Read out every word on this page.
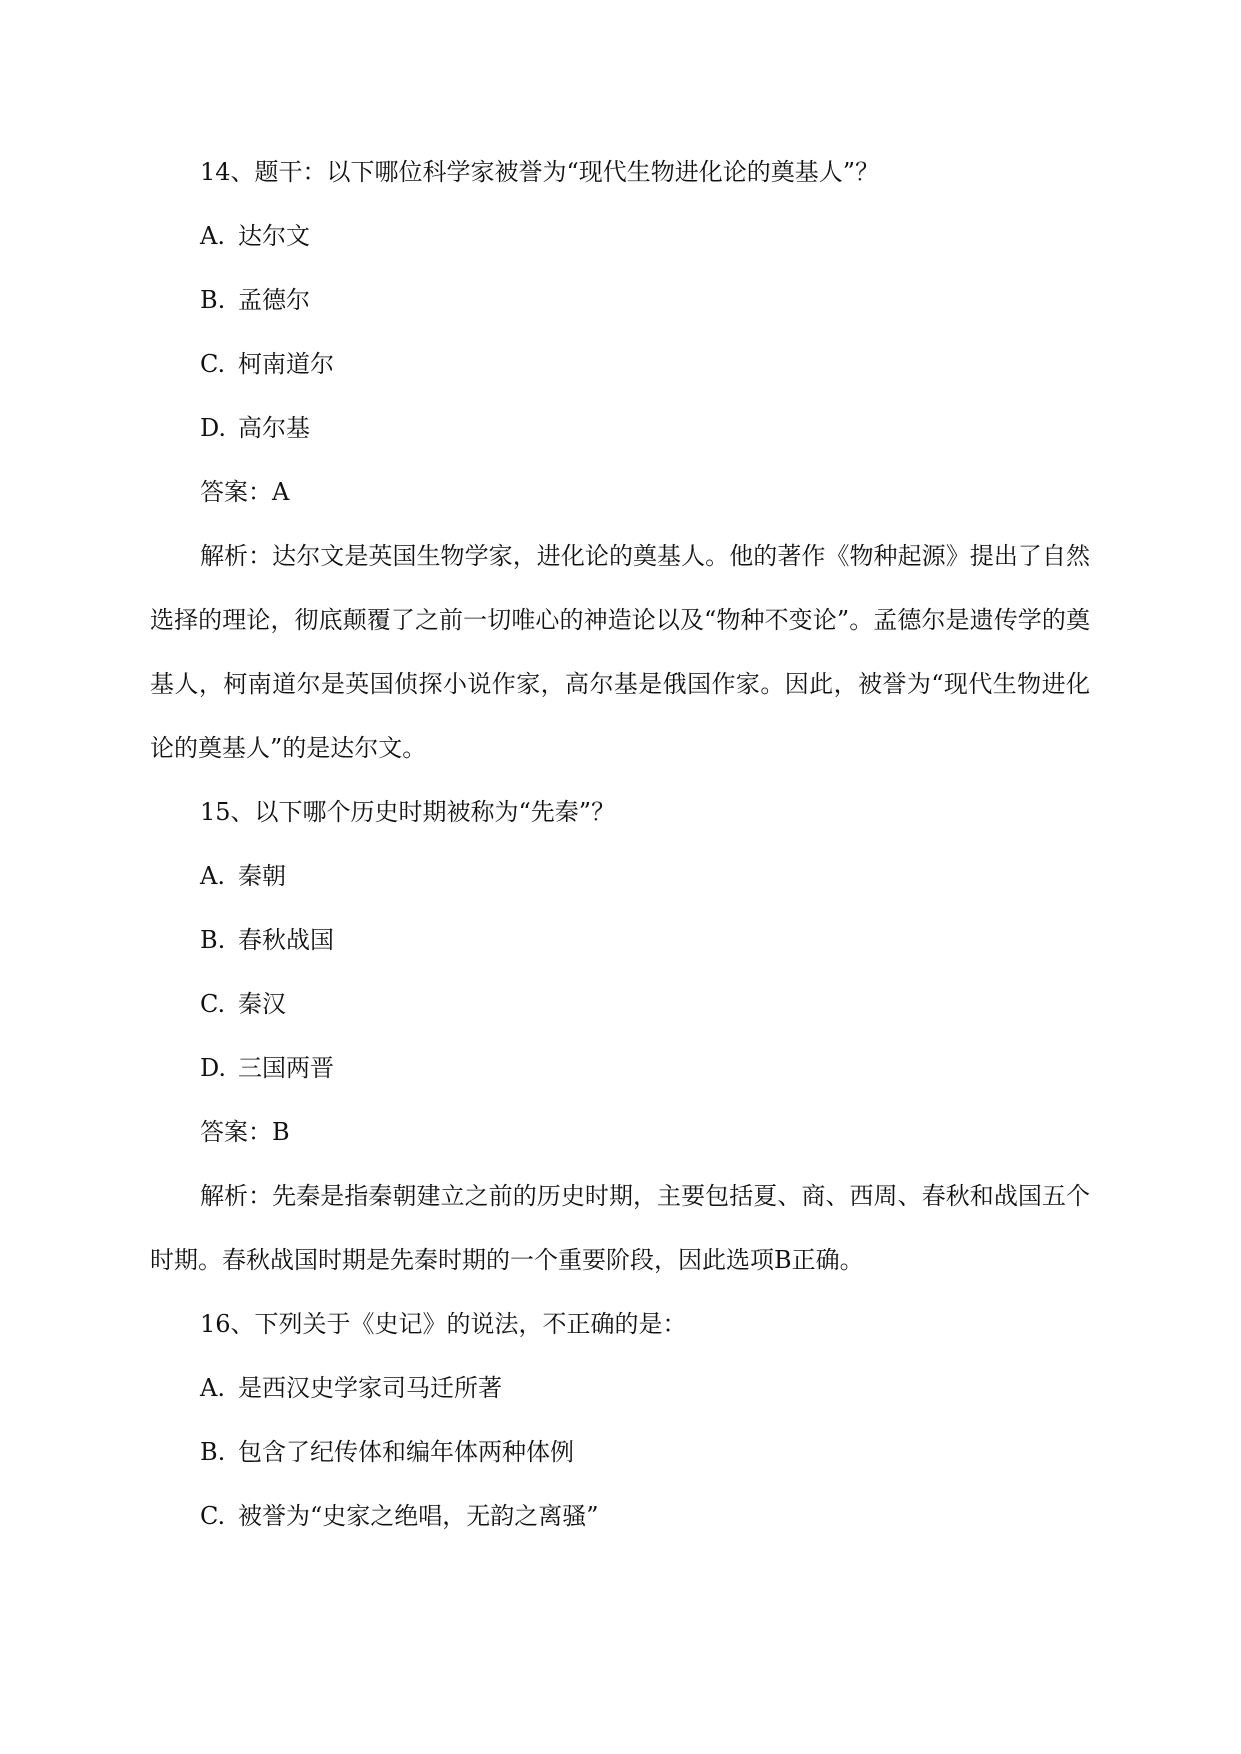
14、题干：以下哪位科学家被誉为“现代生物进化论的奠基人”？
A. 达尔文
B. 孟德尔
C. 柯南道尔
D. 高尔基
答案：A

解析：达尔文是英国生物学家，进化论的奠基人。他的著作《物种起源》提出了自然选择的理论，彻底颠覆了之前一切唯心的神造论以及“物种不变论”。孟德尔是遗传学的奠基人，柯南道尔是英国侦探小说作家，高尔基是俄国作家。因此，被誉为“现代生物进化论的奠基人”的是达尔文。

15、以下哪个历史时期被称为“先秦”？
A. 秦朝
B. 春秋战国
C. 秦汉
D. 三国两晋
答案：B

解析：先秦是指秦朝建立之前的历史时期，主要包括夏、商、西周、春秋和战国五个时期。春秋战国时期是先秦时期的一个重要阶段，因此选项B正确。

16、下列关于《史记》的说法，不正确的是：
A. 是西汉史学家司马迁所著
B. 包含了纪传体和编年体两种体例
C. 被誉为“史家之绝唱，无韵之离骚”
